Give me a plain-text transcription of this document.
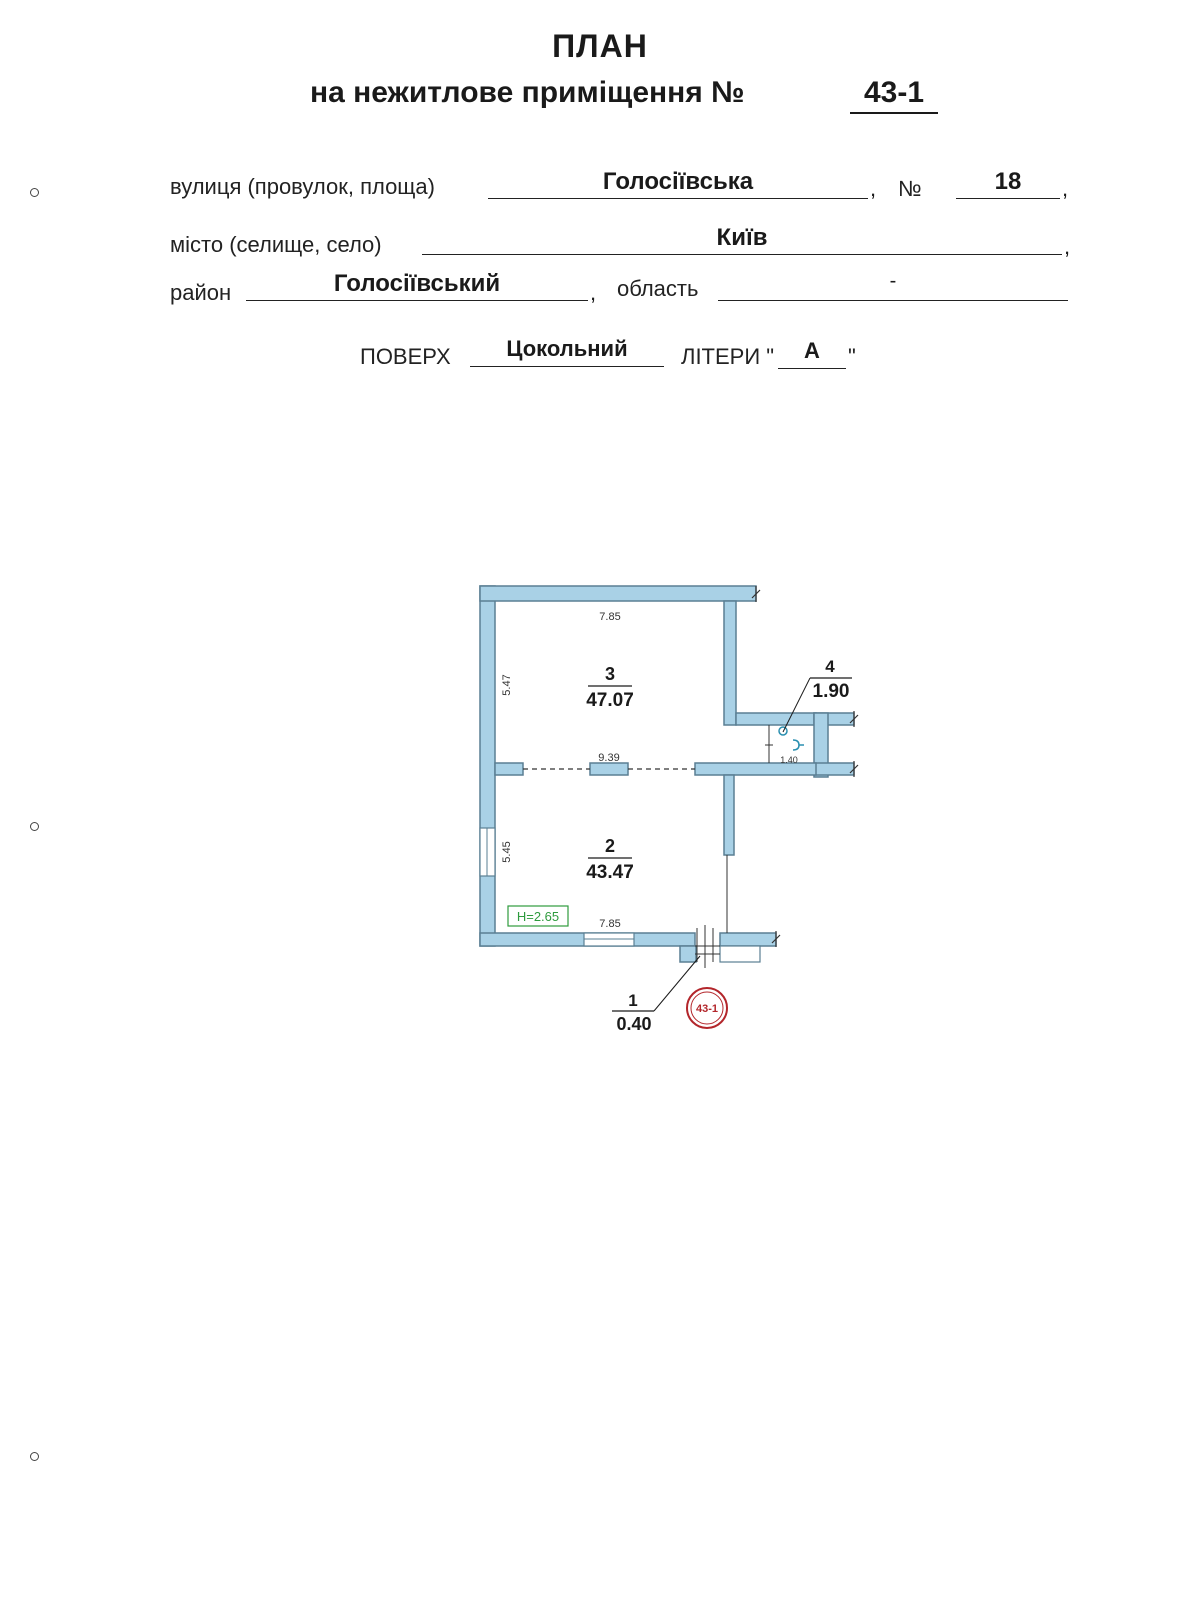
ПЛАН
на нежитлове приміщення №	43-1
вулиця (провулок, площа)	Голосіївська	, №	18	,
місто (селище, село)	Київ	,
район	Голосіївський	, область	-
ПОВЕРХ	Цокольний	ЛІТЕРИ "	А	"
7.85
5.47
9.39
5.45
7.85
1.40
3
47.07
2
43.47
4
1.90
1
0.40
H=2.65
43-1
